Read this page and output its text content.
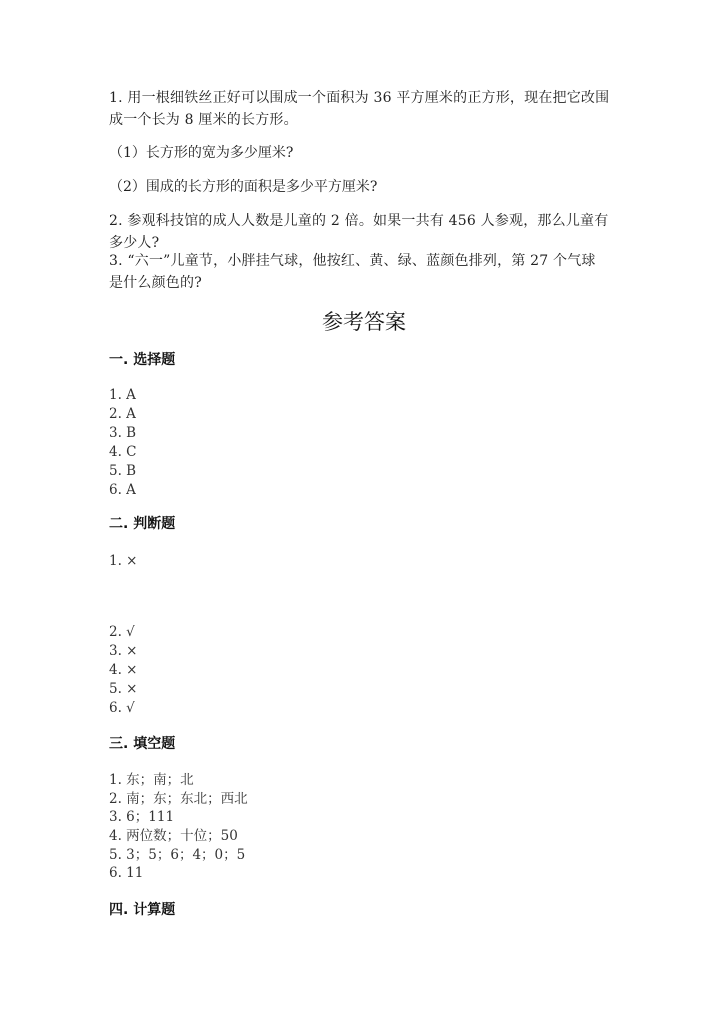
1. 用一根细铁丝正好可以围成一个面积为 36 平方厘米的正方形，现在把它改围
成一个长为 8 厘米的长方形。
（1）长方形的宽为多少厘米?
（2）围成的长方形的面积是多少平方厘米?
2. 参观科技馆的成人人数是儿童的 2 倍。如果一共有 456 人参观，那么儿童有
多少人?
3. “六一”儿童节，小胖挂气球，他按红、黄、绿、蓝颜色排列，第 27 个气球
是什么颜色的?
参考答案
一. 选择题
1. A
2. A
3. B
4. C
5. B
6. A
二. 判断题
1. ×
2. √
3. ×
4. ×
5. ×
6. √
三. 填空题
1. 东；南；北
2. 南；东；东北；西北
3. 6；111
4. 两位数；十位；50
5. 3；5；6；4；0；5
6. 11
四. 计算题
